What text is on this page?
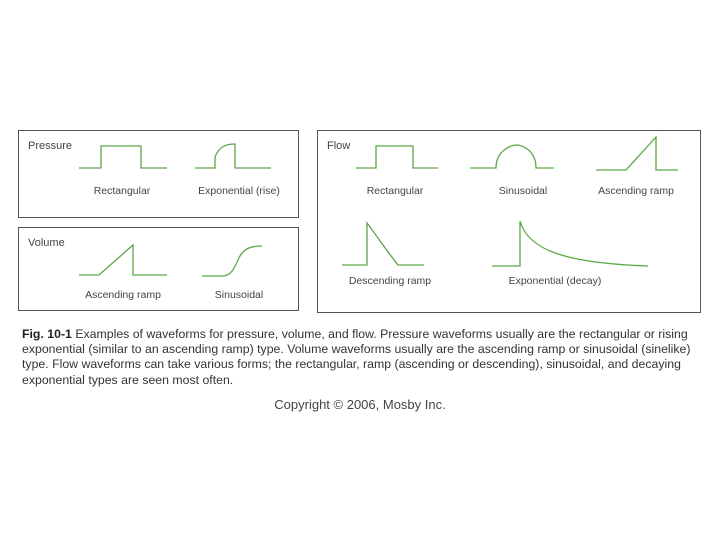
Pressure
Rectangular	Exponential (rise)
Volume
Ascending ramp	Sinusoidal
Flow
Rectangular	Sinusoidal	Ascending ramp
Descending ramp	Exponential (decay)
Fig. 10-1 Examples of waveforms for pressure, volume, and flow. Pressure waveforms usually are the rectangular or rising exponential (similar to an ascending ramp) type. Volume waveforms usually are the ascending ramp or sinusoidal (sinelike) type. Flow waveforms can take various forms; the rectangular, ramp (ascending or descending), sinusoidal, and decaying exponential types are seen most often.
Copyright © 2006, Mosby Inc.
